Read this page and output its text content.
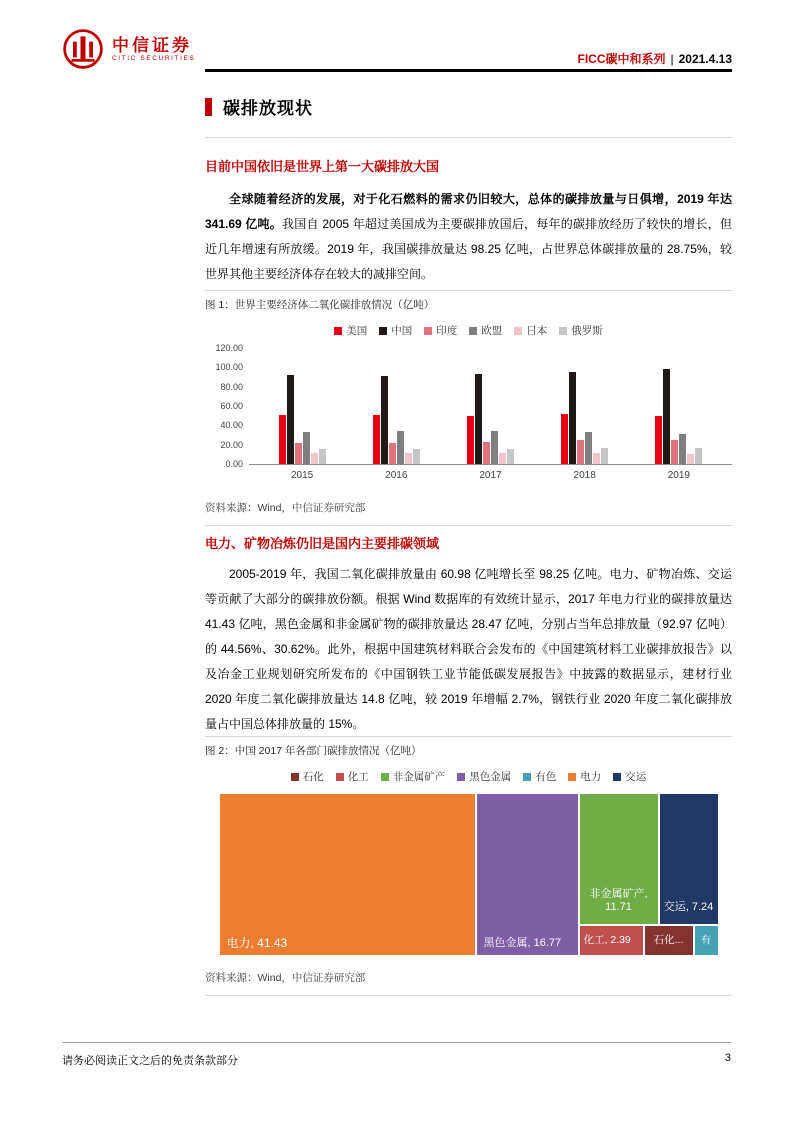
中信证券
CITIC SECURITIES	FICC碳中和系列 | 2021.4.13
碳排放现状
目前中国依旧是世界上第一大碳排放大国
全球随着经济的发展，对于化石燃料的需求仍旧较大，总体的碳排放量与日俱增，2019 年达 341.69 亿吨。我国自 2005 年超过美国成为主要碳排放国后，每年的碳排放经历了较快的增长，但近几年增速有所放缓。2019 年，我国碳排放量达 98.25 亿吨，占世界总体碳排放量的 28.75%，较世界其他主要经济体存在较大的减排空间。
图 1：世界主要经济体二氧化碳排放情况（亿吨）
美国 中国 印度 欧盟 日本 俄罗斯
120.00
100.00
80.00
60.00
40.00
20.00
0.00
2015	2016	2017	2018	2019
资料来源：Wind，中信证券研究部
电力、矿物冶炼仍旧是国内主要排碳领域
2005-2019 年，我国二氧化碳排放量由 60.98 亿吨增长至 98.25 亿吨。电力、矿物冶炼、交运等贡献了大部分的碳排放份额。根据 Wind 数据库的有效统计显示，2017 年电力行业的碳排放量达 41.43 亿吨，黑色金属和非金属矿物的碳排放量达 28.47 亿吨，分别占当年总排放量（92.97 亿吨）的 44.56%、30.62%。此外，根据中国建筑材料联合会发布的《中国建筑材料工业碳排放报告》以及冶金工业规划研究所发布的《中国钢铁工业节能低碳发展报告》中披露的数据显示，建材行业 2020 年度二氧化碳排放量达 14.8 亿吨，较 2019 年增幅 2.7%，钢铁行业 2020 年度二氧化碳排放量占中国总体排放量的 15%。
图 2：中国 2017 年各部门碳排放情况（亿吨）
石化 化工 非金属矿产 黑色金属 有色 电力 交运
电力, 41.43	黑色金属, 16.77
非金属矿产, 11.71	交运, 7.24
化工, 2.39 石化... 有
资料来源：Wind，中信证券研究部
请务必阅读正文之后的免责条款部分	3
